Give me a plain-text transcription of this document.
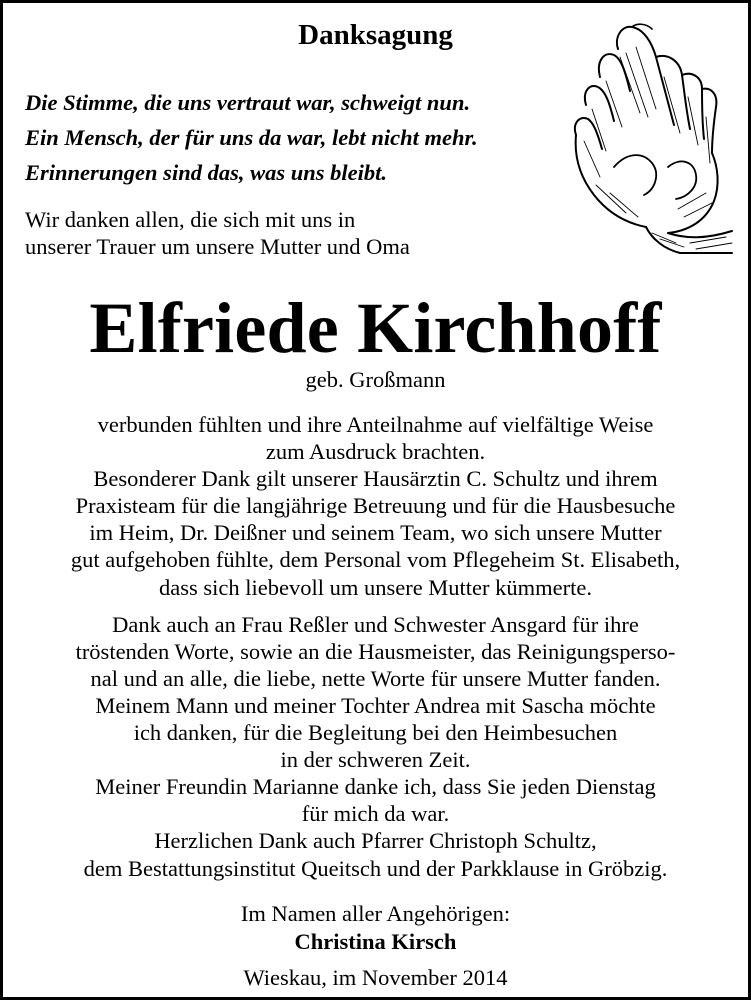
Danksagung
Die Stimme, die uns vertraut war, schweigt nun.
Ein Mensch, der für uns da war, lebt nicht mehr.
Erinnerungen sind das, was uns bleibt.
Wir danken allen, die sich mit uns in
unserer Trauer um unsere Mutter und Oma
Elfriede Kirchhoff
geb. Großmann
verbunden fühlten und ihre Anteilnahme auf vielfältige Weise
zum Ausdruck brachten.
Besonderer Dank gilt unserer Hausärztin C. Schultz und ihrem
Praxisteam für die langjährige Betreuung und für die Hausbesuche
im Heim, Dr. Deißner und seinem Team, wo sich unsere Mutter
gut aufgehoben fühlte, dem Personal vom Pflegeheim St. Elisabeth,
dass sich liebevoll um unsere Mutter kümmerte.
Dank auch an Frau Reßler und Schwester Ansgard für ihre
tröstenden Worte, sowie an die Hausmeister, das Reinigungsperso-
nal und an alle, die liebe, nette Worte für unsere Mutter fanden.
Meinem Mann und meiner Tochter Andrea mit Sascha möchte
ich danken, für die Begleitung bei den Heimbesuchen
in der schweren Zeit.
Meiner Freundin Marianne danke ich, dass Sie jeden Dienstag
für mich da war.
Herzlichen Dank auch Pfarrer Christoph Schultz,
dem Bestattungsinstitut Queitsch und der Parkklause in Gröbzig.
Im Namen aller Angehörigen:
Christina Kirsch
Wieskau, im November 2014
